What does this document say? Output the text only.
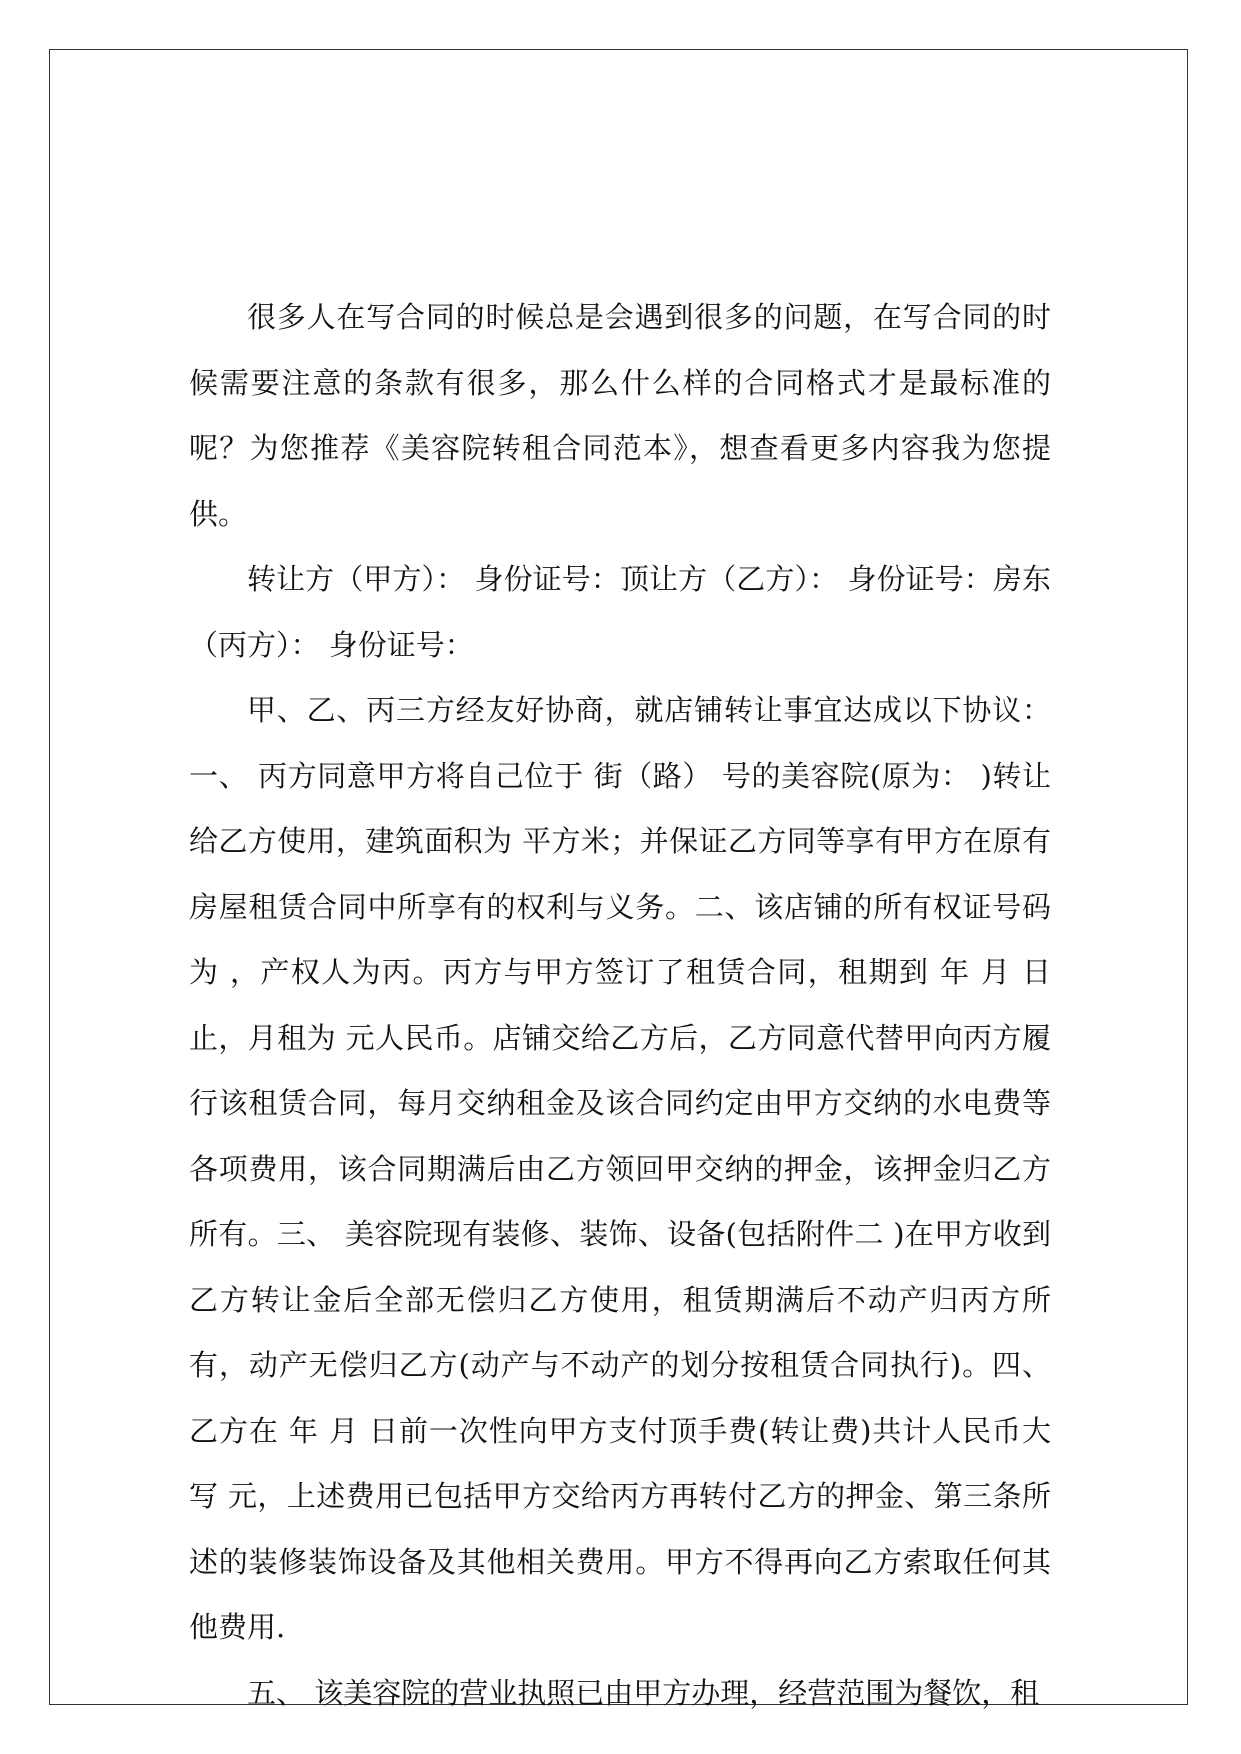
很多人在写合同的时候总是会遇到很多的问题，在写合同的时候需要注意的条款有很多，那么什么样的合同格式才是最标准的呢？为您推荐《美容院转租合同范本》，想查看更多内容我为您提供。

转让方（甲方）： 身份证号：顶让方（乙方）： 身份证号：房东（丙方）： 身份证号：

甲、乙、丙三方经友好协商，就店铺转让事宜达成以下协议：一、 丙方同意甲方将自己位于 街（路） 号的美容院(原为： )转让给乙方使用，建筑面积为 平方米；并保证乙方同等享有甲方在原有房屋租赁合同中所享有的权利与义务。二、该店铺的所有权证号码为 ，产权人为丙。丙方与甲方签订了租赁合同，租期到 年 月 日止，月租为 元人民币。店铺交给乙方后，乙方同意代替甲向丙方履行该租赁合同，每月交纳租金及该合同约定由甲方交纳的水电费等各项费用，该合同期满后由乙方领回甲交纳的押金，该押金归乙方所有。三、 美容院现有装修、装饰、设备(包括附件二 )在甲方收到乙方转让金后全部无偿归乙方使用，租赁期满后不动产归丙方所有，动产无偿归乙方(动产与不动产的划分按租赁合同执行)。四、 乙方在 年 月 日前一次性向甲方支付顶手费(转让费)共计人民币大写 元，上述费用已包括甲方交给丙方再转付乙方的押金、第三条所述的装修装饰设备及其他相关费用。甲方不得再向乙方索取任何其他费用.

五、 该美容院的营业执照已由甲方办理，经营范围为餐饮，租
